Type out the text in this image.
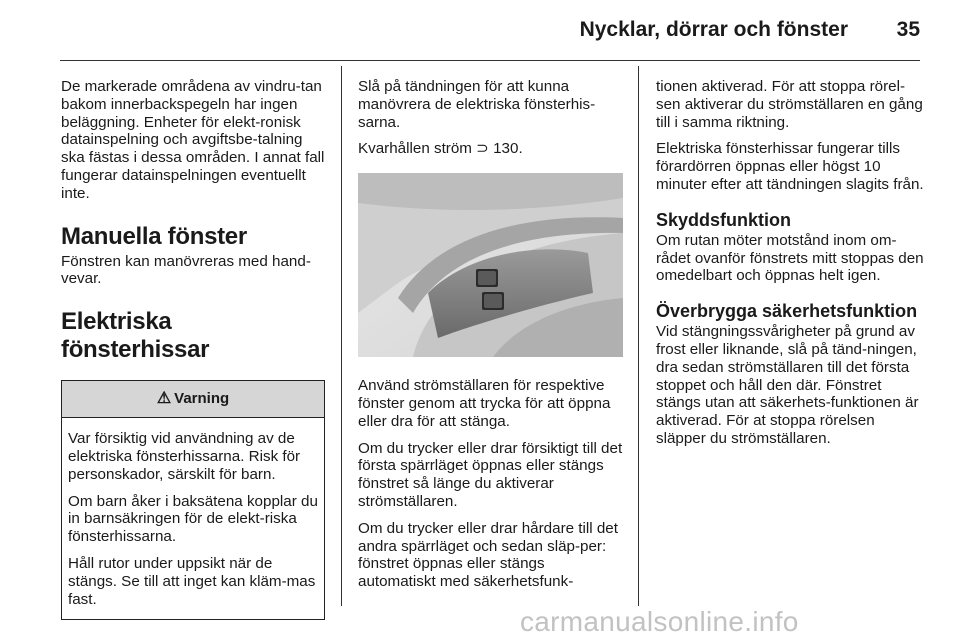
Nycklar, dörrar och fönster 35

De markerade områdena av vindru-tan bakom innerbackspegeln har ingen beläggning. Enheter för elekt-ronisk datainspelning och avgiftsbe-talning ska fästas i dessa områden. I annat fall fungerar datainspelningen eventuellt inte.

Manuella fönster

Fönstren kan manövreras med hand-vevar.

Elektriska fönsterhissar
⚠ Varning

Var försiktig vid användning av de elektriska fönsterhissarna. Risk för personskador, särskilt för barn.

Om barn åker i baksätena kopplar du in barnsäkringen för de elekt-riska fönsterhissarna.

Håll rutor under uppsikt när de stängs. Se till att inget kan kläm-mas fast.

Slå på tändningen för att kunna manövrera de elektriska fönsterhis-sarna.

Kvarhållen ström ⊃ 130.

Använd strömställaren för respektive fönster genom att trycka för att öppna eller dra för att stänga.

Om du trycker eller drar försiktigt till det första spärrläget öppnas eller stängs fönstret så länge du aktiverar strömställaren.

Om du trycker eller drar hårdare till det andra spärrläget och sedan släp-per: fönstret öppnas eller stängs automatiskt med säkerhetsfunk-

tionen aktiverad. För att stoppa rörel-sen aktiverar du strömställaren en gång till i samma riktning.

Elektriska fönsterhissar fungerar tills förardörren öppnas eller högst 10 minuter efter att tändningen slagits från.

Skyddsfunktion

Om rutan möter motstånd inom om-rådet ovanför fönstrets mitt stoppas den omedelbart och öppnas helt igen.

Överbrygga säkerhetsfunktion

Vid stängningssvårigheter på grund av frost eller liknande, slå på tänd-ningen, dra sedan strömställaren till det första stoppet och håll den där. Fönstret stängs utan att säkerhets-funktionen är aktiverad. För at stoppa rörelsen släpper du strömställaren.

carmanualsonline.info
